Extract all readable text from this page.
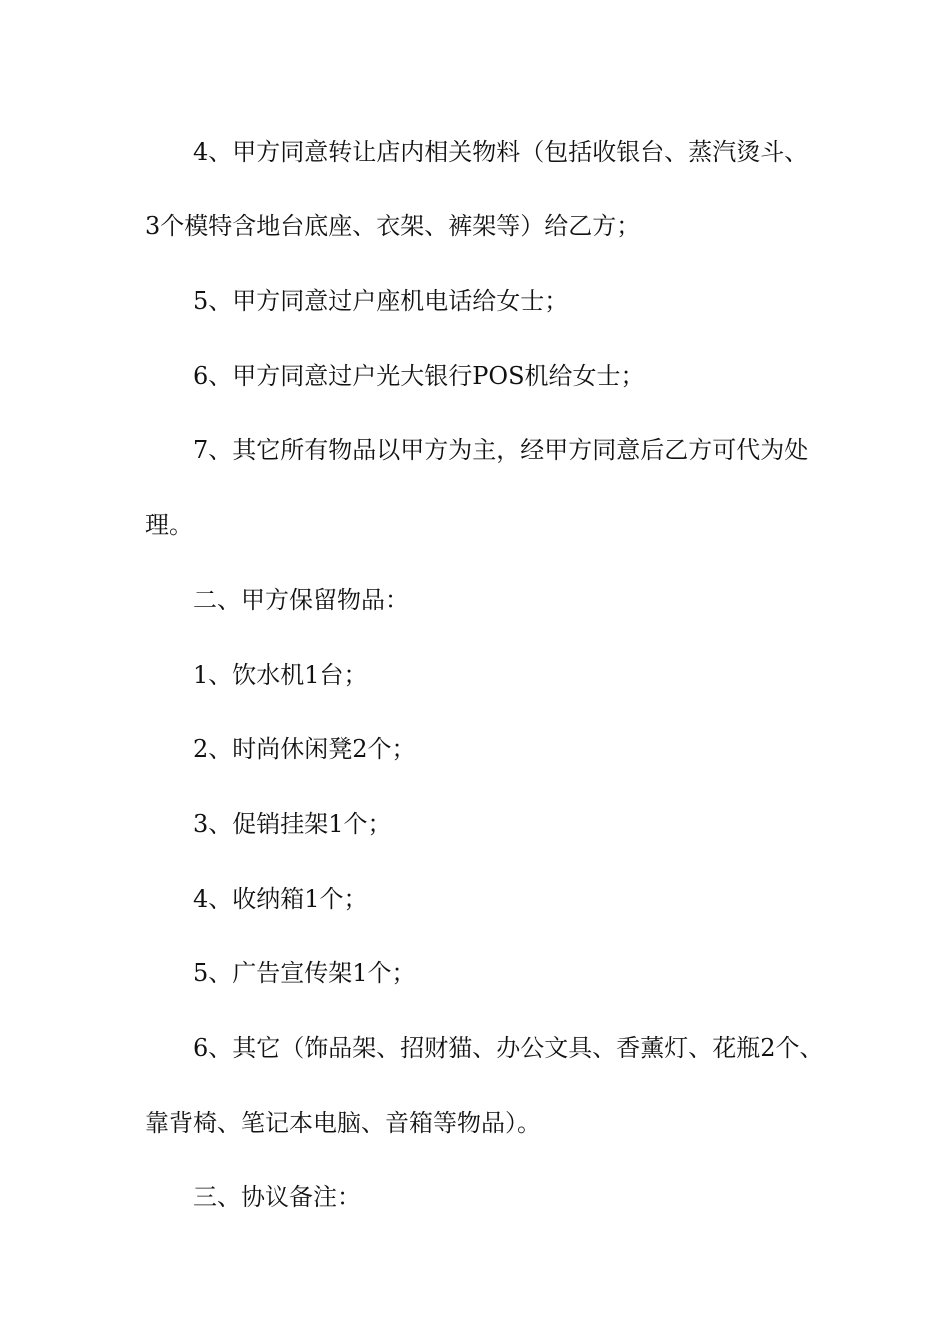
4、甲方同意转让店内相关物料（包括收银台、蒸汽烫斗、
3个模特含地台底座、衣架、裤架等）给乙方；
5、甲方同意过户座机电话给女士；
6、甲方同意过户光大银行POS机给女士；
7、其它所有物品以甲方为主，经甲方同意后乙方可代为处
理。
二、甲方保留物品：
1、饮水机1台；
2、时尚休闲凳2个；
3、促销挂架1个；
4、收纳箱1个；
5、广告宣传架1个；
6、其它（饰品架、招财猫、办公文具、香薰灯、花瓶2个、
靠背椅、笔记本电脑、音箱等物品）。
三、协议备注：
